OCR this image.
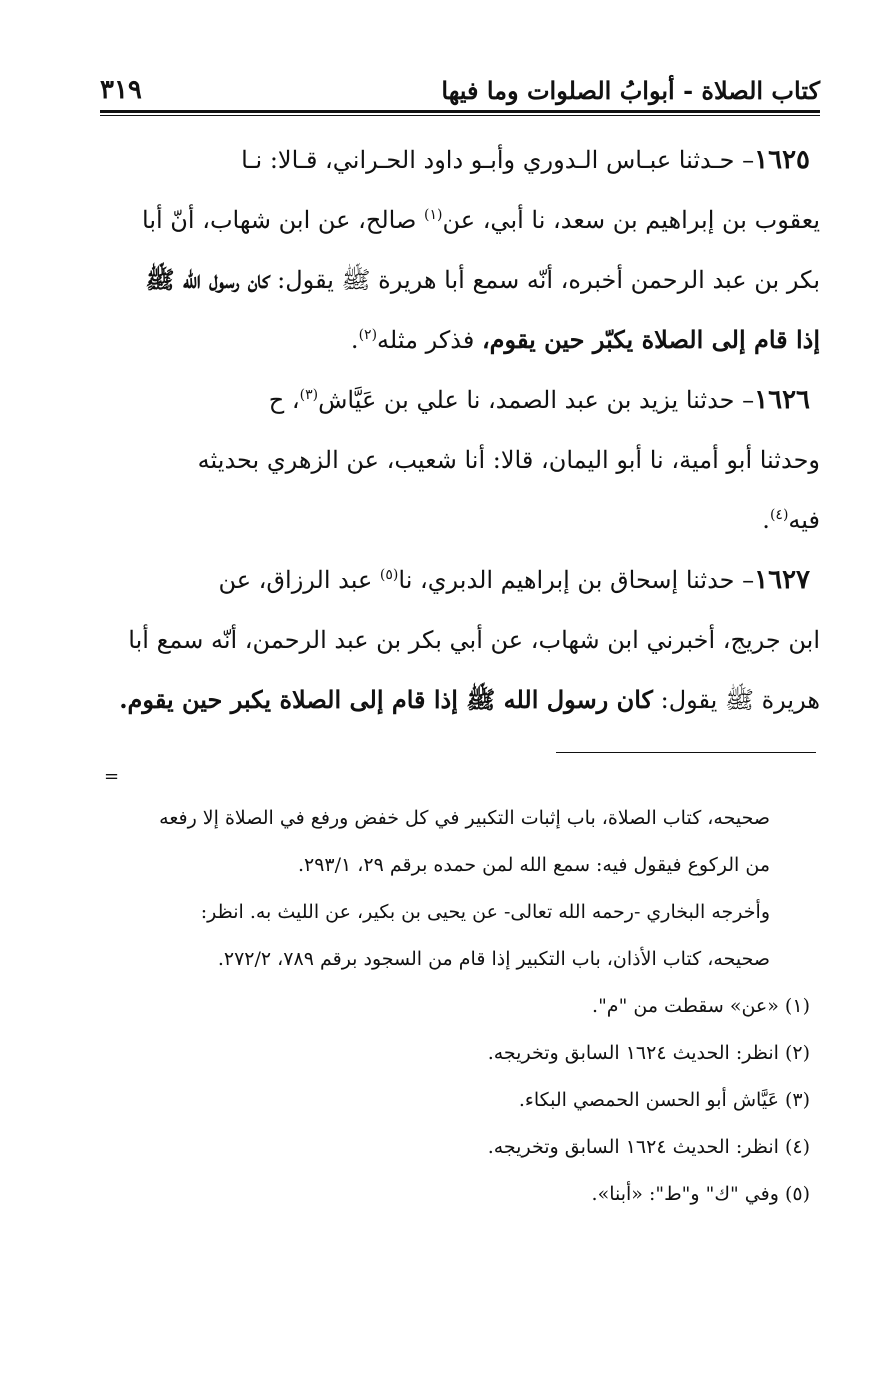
كتاب الصلاة - أبوابُ الصلوات وما فيها
٣١٩

١٦٢٥– حـدثنا عبـاس الـدوري وأبـو داود الحـراني، قـالا: نـا

يعقوب بن إبراهيم بن سعد، نا أبي، عن$^{(١)}$ صالح، عن ابن شهاب، أنّ أبا

بكر بن عبد الرحمن أخبره، أنّه سمع أبا هريرة ﷺ يقول: كان رسول الله ﷺ

إذا قام إلى الصلاة يكبّر حين يقوم، فذكر مثله$^{(٢)}$.

١٦٢٦– حدثنا يزيد بن عبد الصمد، نا علي بن عَيَّاش$^{(٣)}$، ح

وحدثنا أبو أمية، نا أبو اليمان، قالا: أنا شعيب، عن الزهري بحديثه

فيه$^{(٤)}$.

١٦٢٧– حدثنا إسحاق بن إبراهيم الدبري، نا$^{(٥)}$ عبد الرزاق، عن

ابن جريج، أخبرني ابن شهاب، عن أبي بكر بن عبد الرحمن، أنّه سمع أبا

هريرة ﷺ يقول: كان رسول الله ﷺ إذا قام إلى الصلاة يكبر حين يقوم.

=

صحيحه، كتاب الصلاة، باب إثبات التكبير في كل خفض ورفع في الصلاة إلا رفعه

من الركوع فيقول فيه: سمع الله لمن حمده برقم ٢٩، ٢٩٣/١.

وأخرجه البخاري -رحمه الله تعالى- عن يحيى بن بكير، عن الليث به. انظر:

صحيحه، كتاب الأذان، باب التكبير إذا قام من السجود برقم ٧٨٩، ٢٧٢/٢.

(١) «عن» سقطت من "م".

(٢) انظر: الحديث ١٦٢٤ السابق وتخريجه.

(٣) عَيَّاش أبو الحسن الحمصي البكاء.

(٤) انظر: الحديث ١٦٢٤ السابق وتخريجه.

(٥) وفي "ك" و"ط": «أبنا».
